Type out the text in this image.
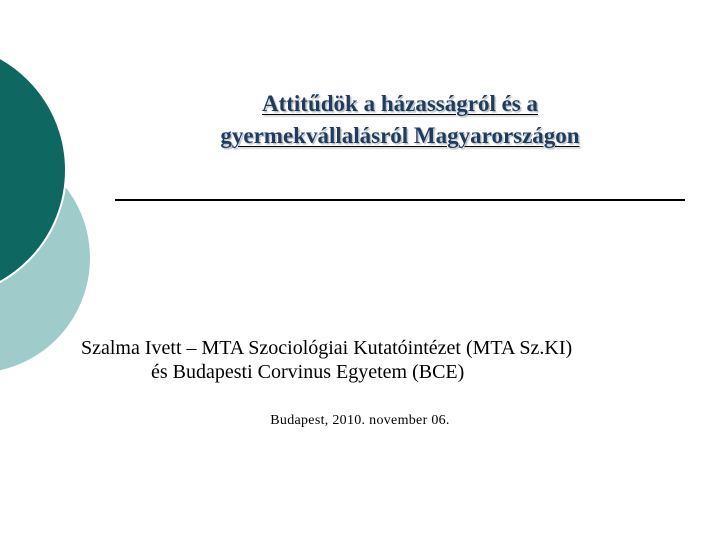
Attitűdök a házasságról és a
gyermekvállalásról Magyarországon
Szalma Ivett – MTA Szociológiai Kutatóintézet (MTA Sz.KI)
és Budapesti Corvinus Egyetem (BCE)
Budapest, 2010. november 06.
